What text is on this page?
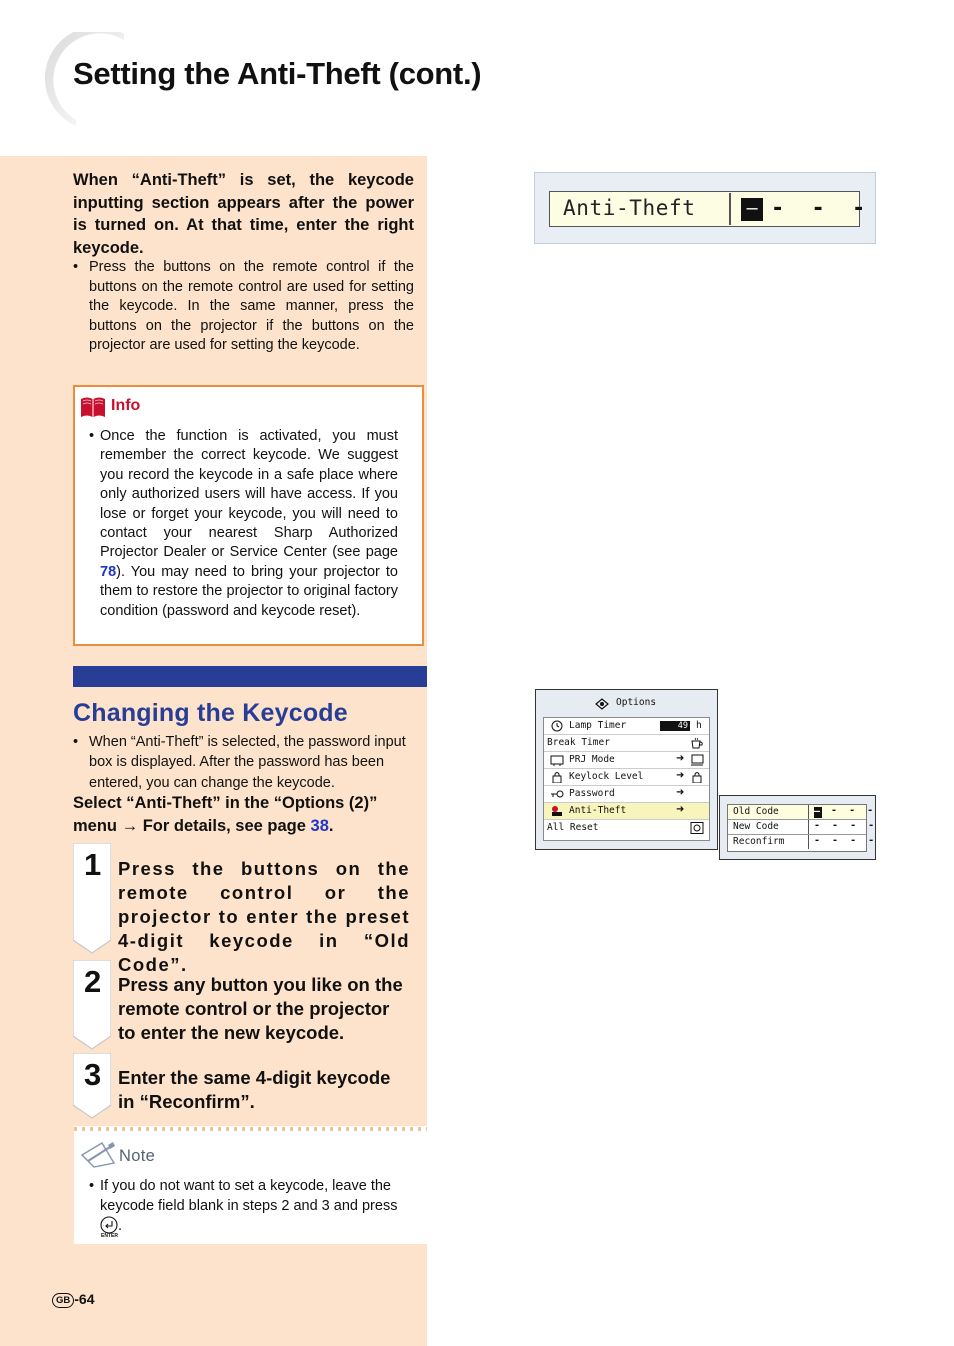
Setting the Anti-Theft (cont.)

When “Anti-Theft” is set, the keycode inputting section appears after the power is turned on. At that time, enter the right keycode.

• Press the buttons on the remote control if the buttons on the remote control are used for setting the keycode. In the same manner, press the buttons on the projector if the buttons on the projector are used for setting the keycode.
Info
• Once the function is activated, you must remember the correct keycode. We suggest you record the keycode in a safe place where only authorized users will have access. If you lose or forget your keycode, you will need to contact your nearest Sharp Authorized Projector Dealer or Service Center (see page 78). You may need to bring your projector to them to restore the projector to original factory condition (password and keycode reset).
Changing the Keycode
• When “Anti-Theft” is selected, the password input box is displayed. After the password has been entered, you can change the keycode.
Select “Anti-Theft” in the “Options (2)” menu → For details, see page 38.
1 Press the buttons on the remote control or the projector to enter the preset 4-digit keycode in “Old Code”.
2 Press any button you like on the remote control or the projector to enter the new keycode.
3 Enter the same 4-digit keycode in “Reconfirm”.
Note
• If you do not want to set a keycode, leave the keycode field blank in steps 2 and 3 and press
ENTER
.
GB -64
Anti-Theft	– - - -
Options
Lamp Timer	49 h
Break Timer
PRJ Mode	➜
Keylock Level	➜
Password	➜
Anti-Theft	➜
All Reset
Old Code	– - - -
New Code	- - - -
Reconfirm	- - - -
